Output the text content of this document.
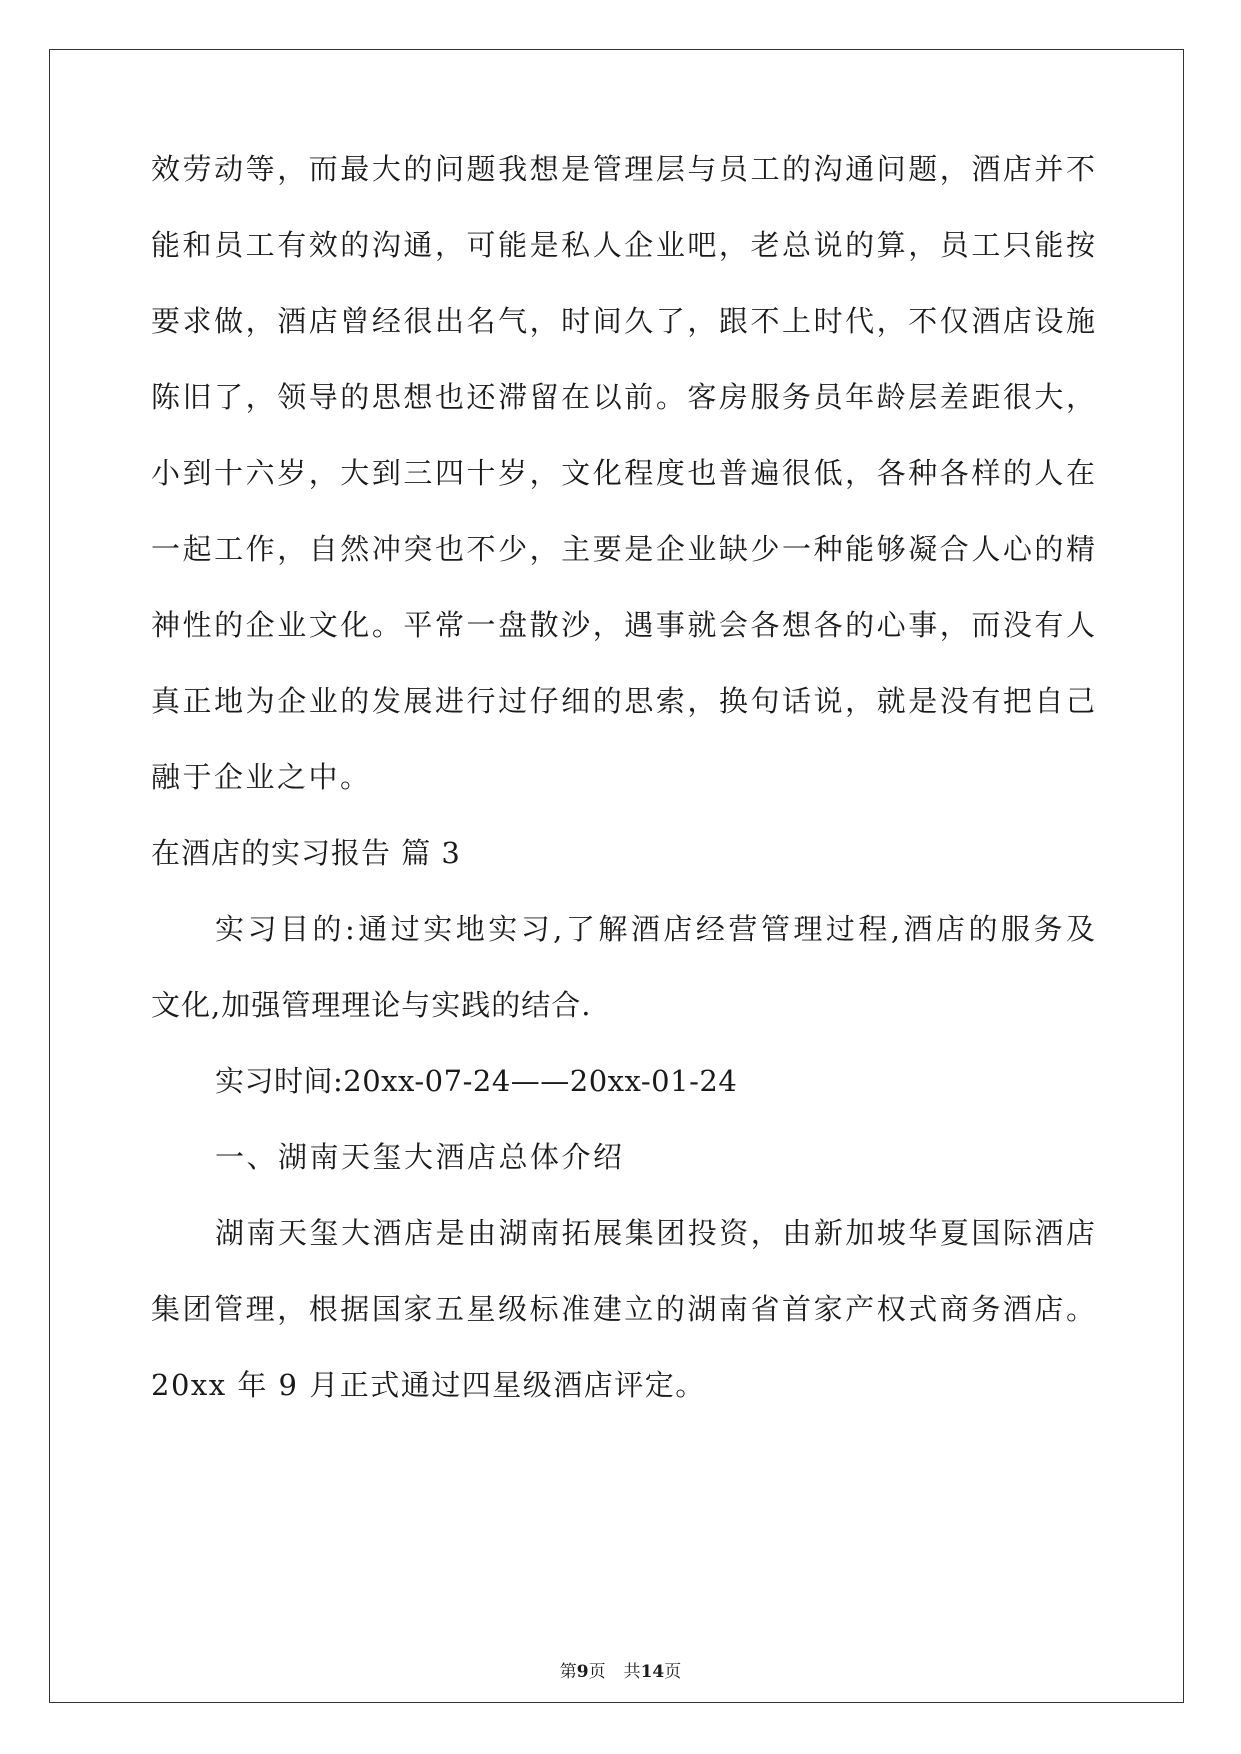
效劳动等，而最大的问题我想是管理层与员工的沟通问题，酒店并不
能和员工有效的沟通，可能是私人企业吧，老总说的算，员工只能按
要求做，酒店曾经很出名气，时间久了，跟不上时代，不仅酒店设施
陈旧了，领导的思想也还滞留在以前。客房服务员年龄层差距很大，
小到十六岁，大到三四十岁，文化程度也普遍很低，各种各样的人在
一起工作，自然冲突也不少，主要是企业缺少一种能够凝合人心的精
神性的企业文化。平常一盘散沙，遇事就会各想各的心事，而没有人
真正地为企业的发展进行过仔细的思索，换句话说，就是没有把自己
融于企业之中。
在酒店的实习报告 篇 3
实习目的:通过实地实习,了解酒店经营管理过程,酒店的服务及
文化,加强管理理论与实践的结合.
实习时间:20xx-07-24——20xx-01-24
一、湖南天玺大酒店总体介绍
湖南天玺大酒店是由湖南拓展集团投资，由新加坡华夏国际酒店
集团管理，根据国家五星级标准建立的湖南省首家产权式商务酒店。
20xx 年 9 月正式通过四星级酒店评定。
第9页 共14页
